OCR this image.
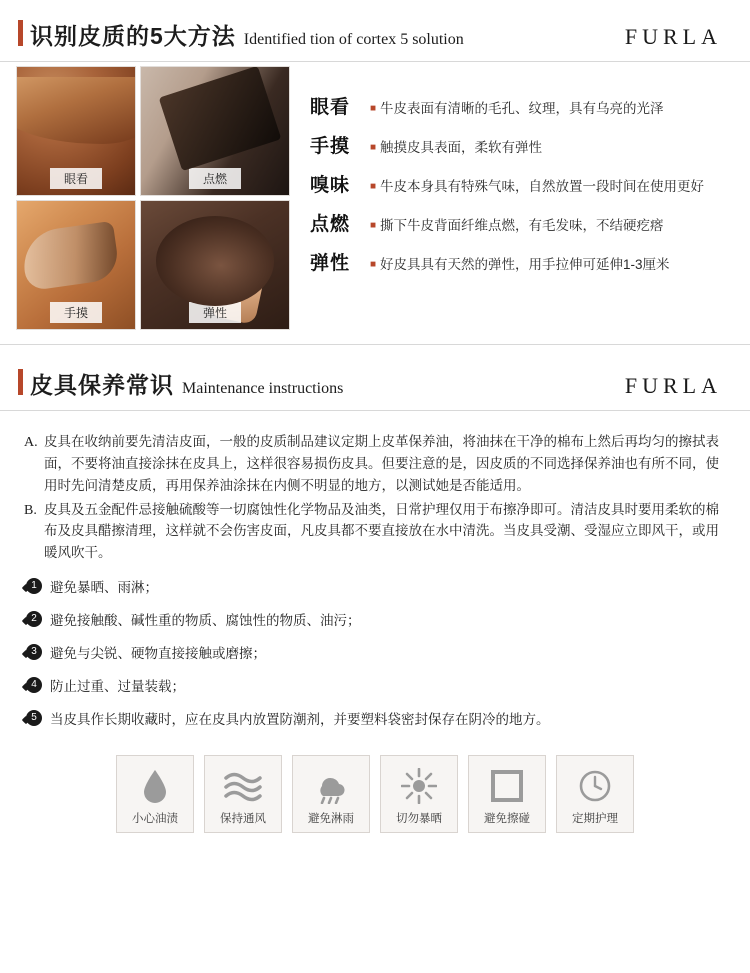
识别皮质的5大方法 Identified tion of cortex 5 solution	FURLA
眼看	点燃
手摸	弹性
眼看	■ 牛皮表面有清晰的毛孔、纹理，具有乌亮的光泽
手摸	■ 触摸皮具表面，柔软有弹性
嗅味	■ 牛皮本身具有特殊气味，自然放置一段时间在使用更好
点燃	■ 撕下牛皮背面纤维点燃，有毛发味，不结硬疙瘩
弹性	■ 好皮具具有天然的弹性，用手拉伸可延伸1-3厘米
皮具保养常识 Maintenance instructions	FURLA
A. 皮具在收纳前要先清洁皮面，一般的皮质制品建议定期上皮革保养油，将油抹在干净的棉布上然后再均匀的擦拭表面，不要将油直接涂抹在皮具上，这样很容易损伤皮具。但要注意的是，因皮质的不同选择保养油也有所不同，使用时先问清楚皮质，再用保养油涂抹在内侧不明显的地方，以测试她是否能适用。
B. 皮具及五金配件忌接触硫酸等一切腐蚀性化学物品及油类，日常护理仅用于布擦净即可。清洁皮具时要用柔软的棉布及皮具醋擦清理，这样就不会伤害皮面，凡皮具都不要直接放在水中清洗。当皮具受潮、受湿应立即风干，或用暖风吹干。
1 避免暴晒、雨淋；
2 避免接触酸、碱性重的物质、腐蚀性的物质、油污；
3 避免与尖锐、硬物直接接触或磨擦；
4 防止过重、过量装载；
5 当皮具作长期收藏时，应在皮具内放置防潮剂，并要塑料袋密封保存在阴冷的地方。
小心油渍	保持通风	避免淋雨	切勿暴晒	避免擦碰	定期护理
